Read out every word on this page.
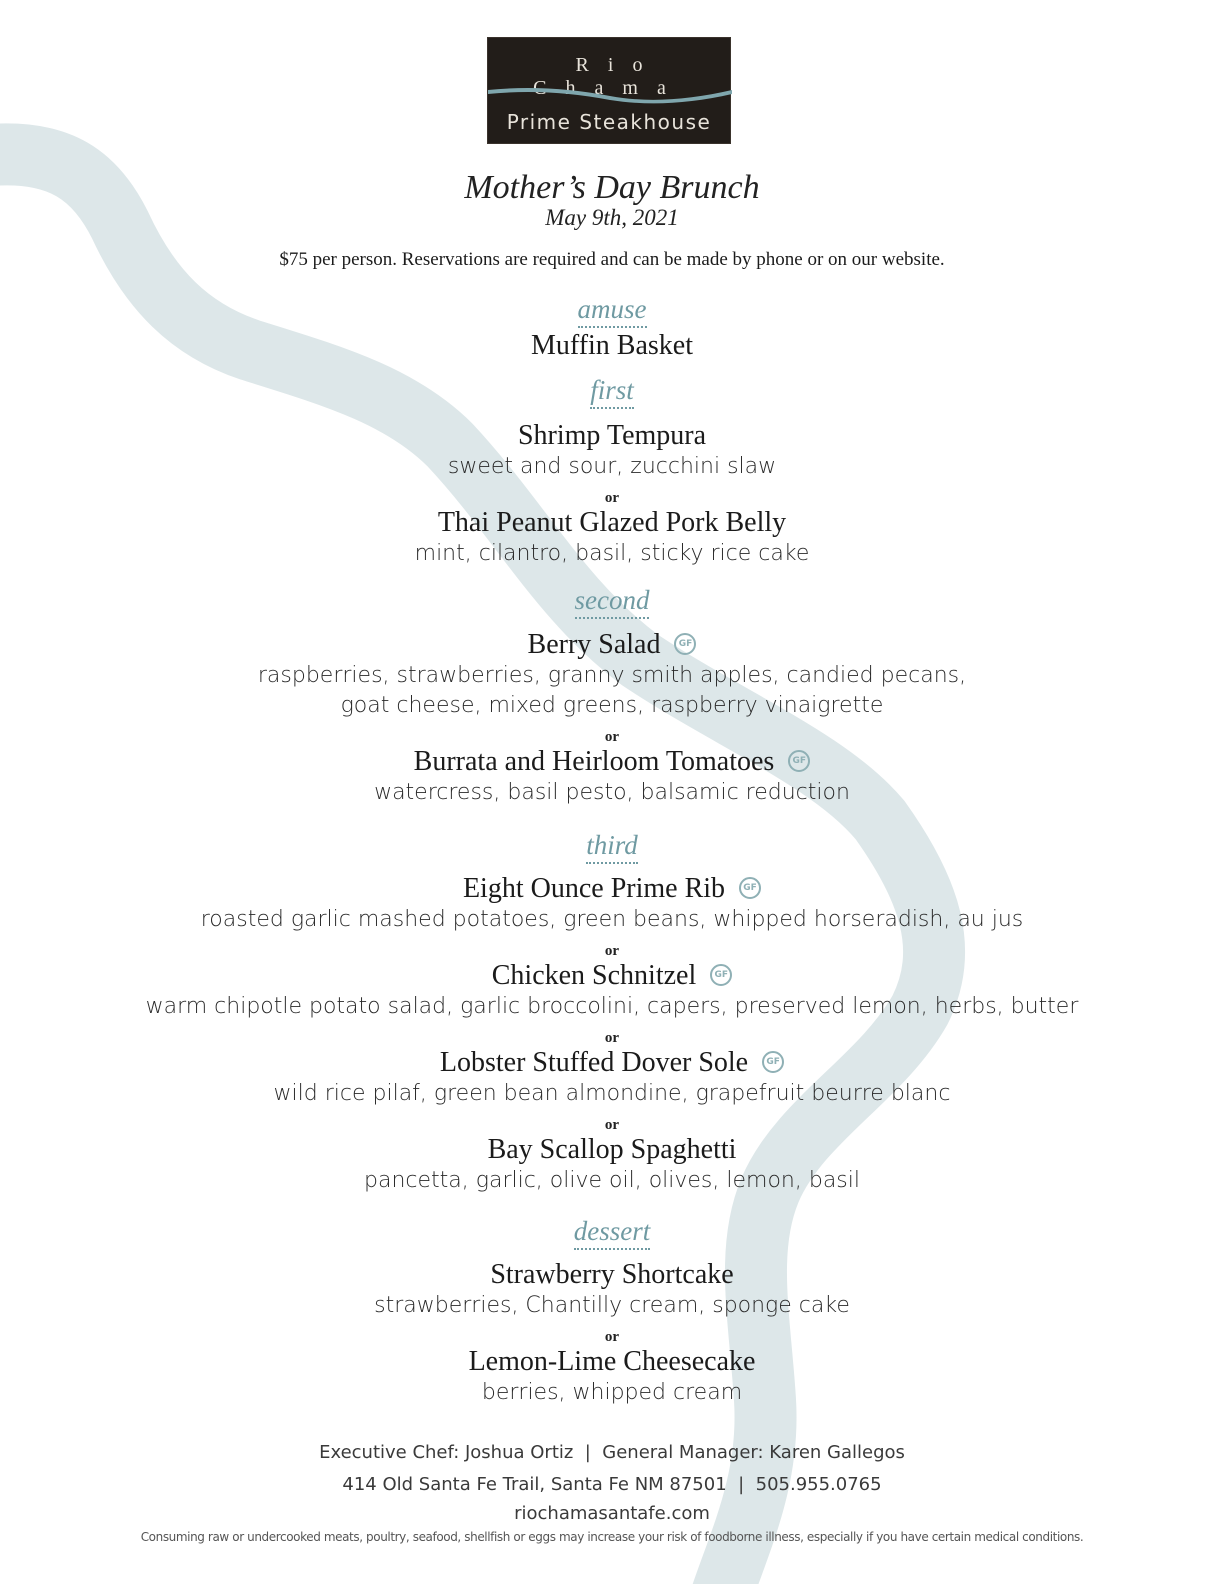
Rio Chama
Prime Steakhouse
Mother’s Day Brunch
May 9th, 2021
$75 per person. Reservations are required and can be made by phone or on our website.
amuse
Muffin Basket
first
Shrimp Tempura
sweet and sour, zucchini slaw
or
Thai Peanut Glazed Pork Belly
mint, cilantro, basil, sticky rice cake
second
Berry Salad GF
raspberries, strawberries, granny smith apples, candied pecans,
goat cheese, mixed greens, raspberry vinaigrette
or
Burrata and Heirloom Tomatoes GF
watercress, basil pesto, balsamic reduction
third
Eight Ounce Prime Rib GF
roasted garlic mashed potatoes, green beans, whipped horseradish, au jus
or
Chicken Schnitzel GF
warm chipotle potato salad, garlic broccolini, capers, preserved lemon, herbs, butter
or
Lobster Stuffed Dover Sole GF
wild rice pilaf, green bean almondine, grapefruit beurre blanc
or
Bay Scallop Spaghetti
pancetta, garlic, olive oil, olives, lemon, basil
dessert
Strawberry Shortcake
strawberries, Chantilly cream, sponge cake
or
Lemon-Lime Cheesecake
berries, whipped cream
Executive Chef: Joshua Ortiz  |  General Manager: Karen Gallegos
414 Old Santa Fe Trail, Santa Fe NM 87501  |  505.955.0765
riochamasantafe.com
Consuming raw or undercooked meats, poultry, seafood, shellfish or eggs may increase your risk of foodborne illness, especially if you have certain medical conditions.
